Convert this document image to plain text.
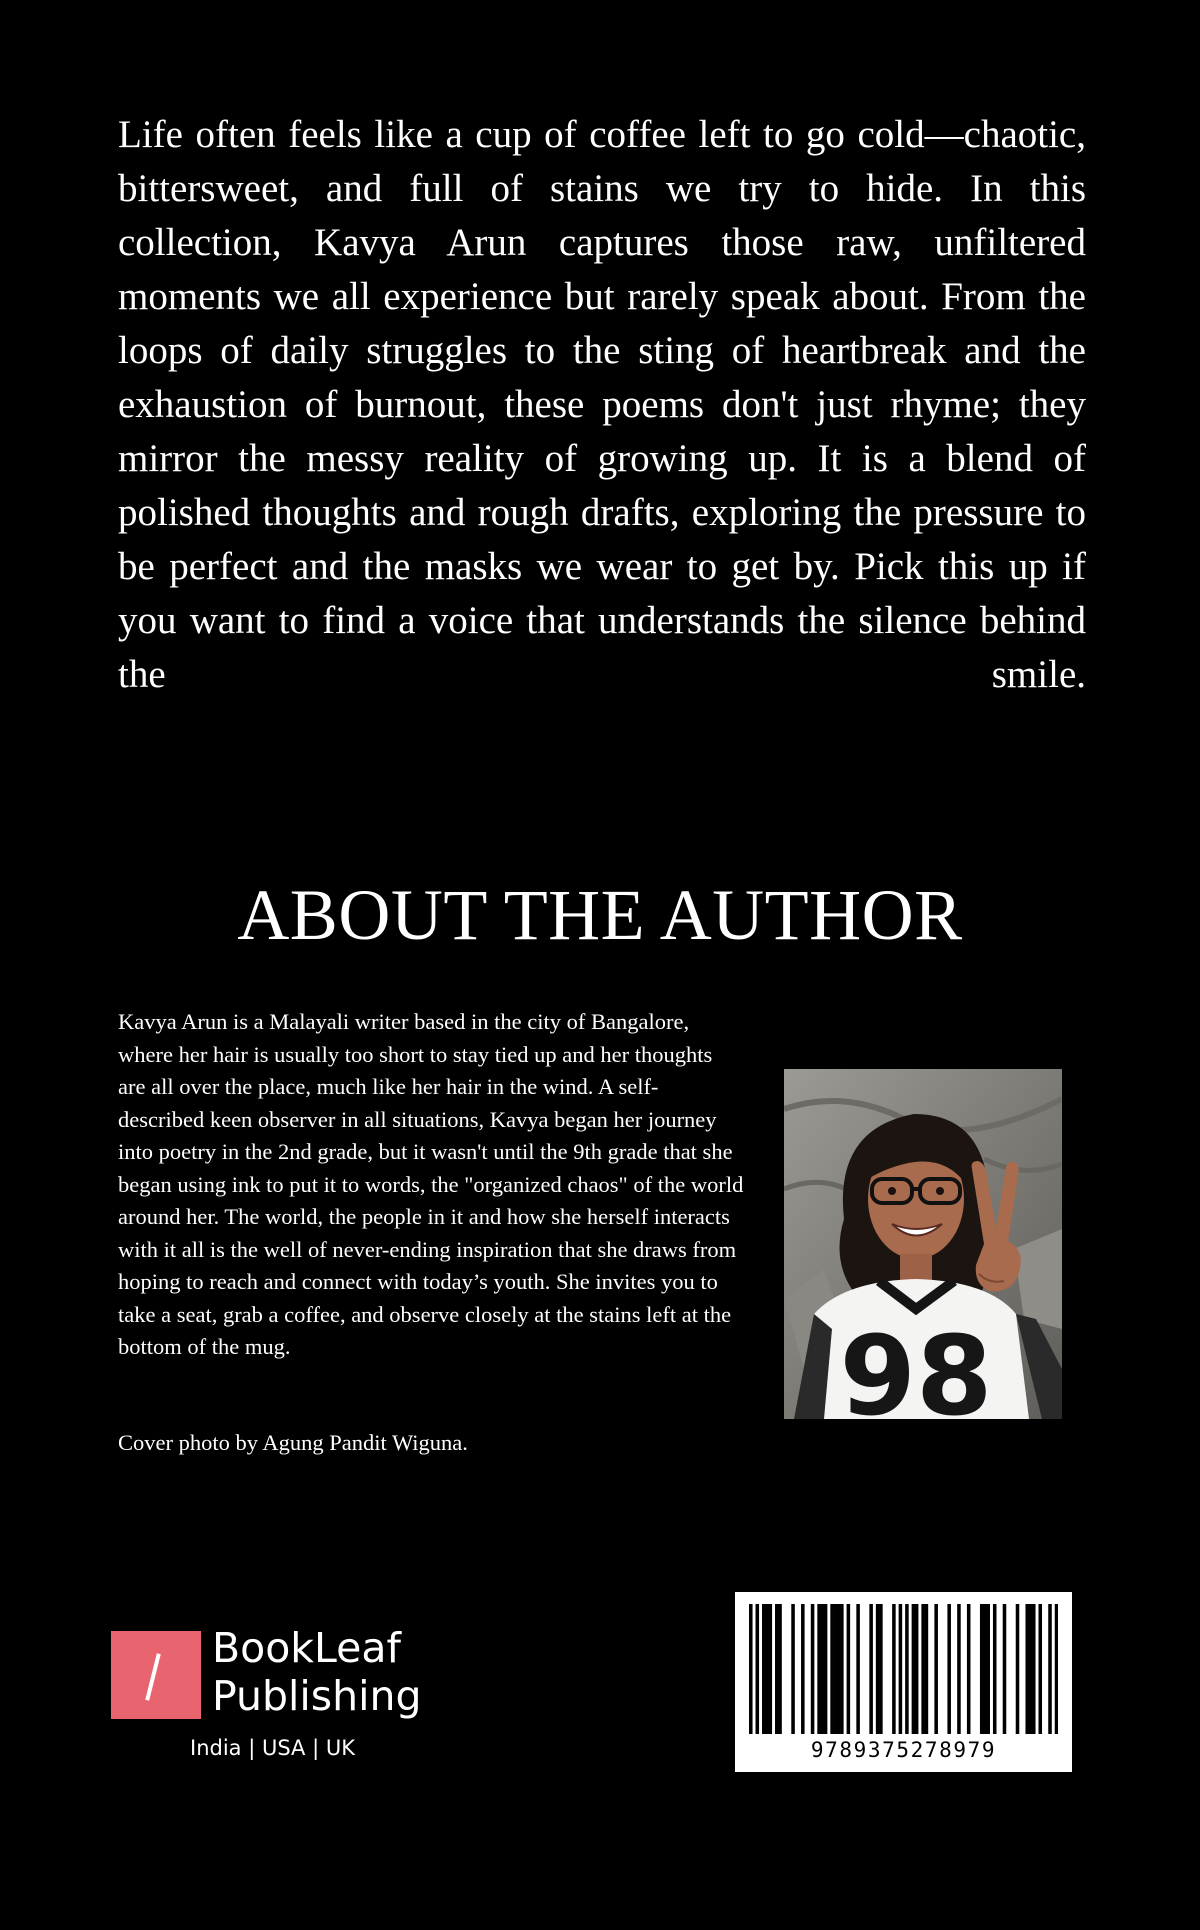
Life often feels like a cup of coffee left to go cold—chaotic, bittersweet, and full of stains we try to hide. In this collection, Kavya Arun captures those raw, unfiltered moments we all experience but rarely speak about. From the loops of daily struggles to the sting of heartbreak and the exhaustion of burnout, these poems don't just rhyme; they mirror the messy reality of growing up. It is a blend of polished thoughts and rough drafts, exploring the pressure to be perfect and the masks we wear to get by. Pick this up if you want to find a voice that understands the silence behind the smile.

ABOUT THE AUTHOR

Kavya Arun is a Malayali writer based in the city of Bangalore, where her hair is usually too short to stay tied up and her thoughts are all over the place, much like her hair in the wind. A self-described keen observer in all situations, Kavya began her journey into poetry in the 2nd grade, but it wasn't until the 9th grade that she began using ink to put it to words, the "organized chaos" of the world around her. The world, the people in it and how she herself interacts with it all is the well of never-ending inspiration that she draws from hoping to reach and connect with today’s youth. She invites you to take a seat, grab a coffee, and observe closely at the stains left at the bottom of the mug.

Cover photo by Agung Pandit Wiguna.

98
BookLeaf
Publishing
India | USA | UK	9789375278979
